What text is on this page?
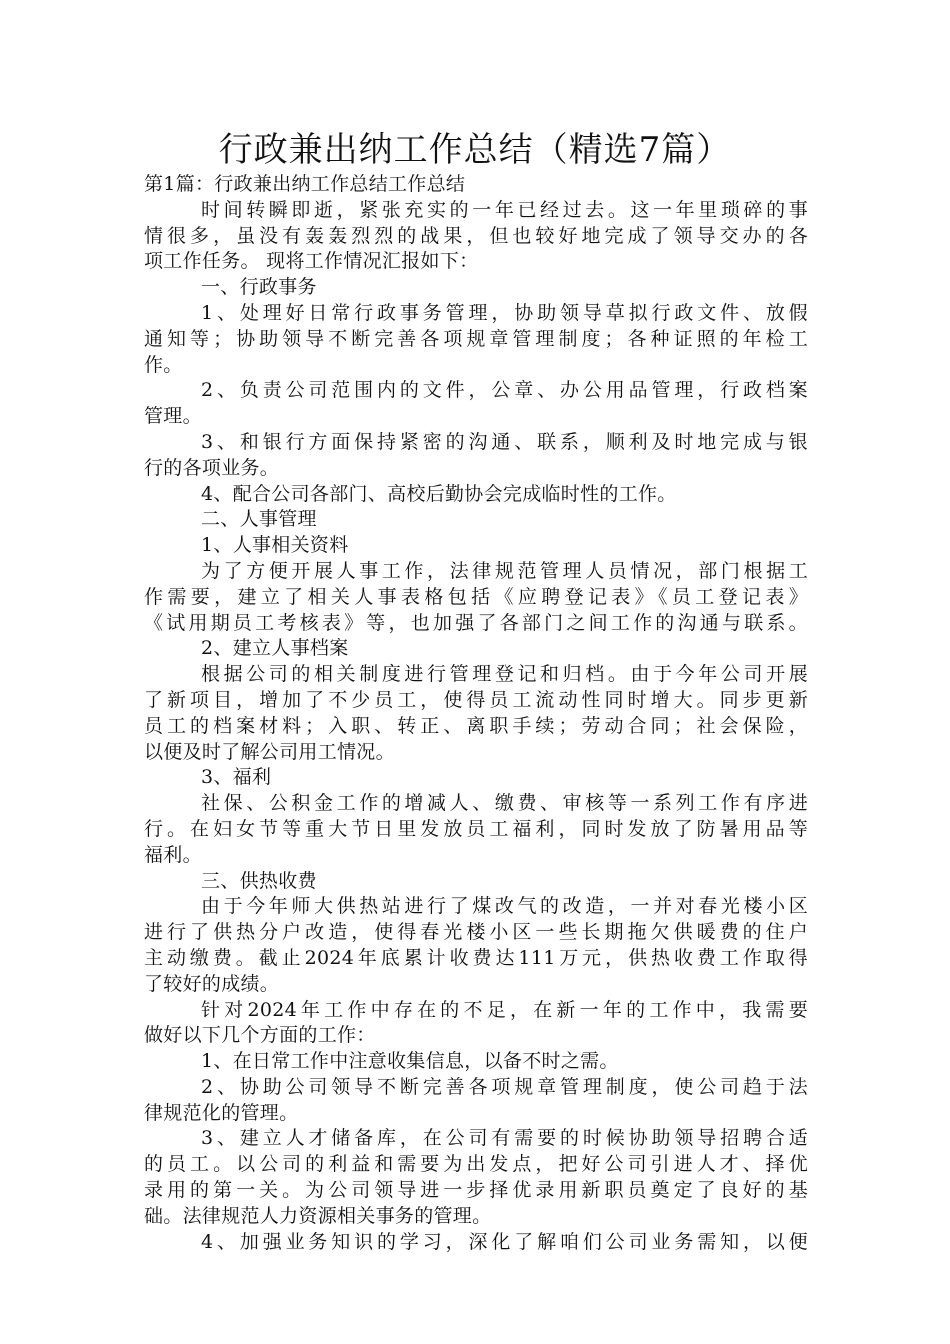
行政兼出纳工作总结（精选7篇）
第1篇：行政兼出纳工作总结工作总结
时间转瞬即逝，紧张充实的一年已经过去。这一年里琐碎的事
情很多，虽没有轰轰烈烈的战果，但也较好地完成了领导交办的各
项工作任务。 现将工作情况汇报如下：
一、行政事务
1、处理好日常行政事务管理，协助领导草拟行政文件、放假
通知等；协助领导不断完善各项规章管理制度；各种证照的年检工
作。
2、负责公司范围内的文件，公章、办公用品管理，行政档案
管理。
3、和银行方面保持紧密的沟通、联系，顺利及时地完成与银
行的各项业务。
4、配合公司各部门、高校后勤协会完成临时性的工作。
二、人事管理
1、人事相关资料
为了方便开展人事工作，法律规范管理人员情况，部门根据工
作需要，建立了相关人事表格包括《应聘登记表》《员工登记表》
《试用期员工考核表》等，也加强了各部门之间工作的沟通与联系。
2、建立人事档案
根据公司的相关制度进行管理登记和归档。由于今年公司开展
了新项目，增加了不少员工，使得员工流动性同时增大。同步更新
员工的档案材料；入职、转正、离职手续；劳动合同；社会保险，
以便及时了解公司用工情况。
3、福利
社保、公积金工作的增减人、缴费、审核等一系列工作有序进
行。在妇女节等重大节日里发放员工福利，同时发放了防暑用品等
福利。
三、供热收费
由于今年师大供热站进行了煤改气的改造，一并对春光楼小区
进行了供热分户改造，使得春光楼小区一些长期拖欠供暖费的住户
主动缴费。截止2024年底累计收费达111万元，供热收费工作取得
了较好的成绩。
针对2024年工作中存在的不足，在新一年的工作中，我需要
做好以下几个方面的工作：
1、在日常工作中注意收集信息，以备不时之需。
2、协助公司领导不断完善各项规章管理制度，使公司趋于法
律规范化的管理。
3、建立人才储备库，在公司有需要的时候协助领导招聘合适
的员工。以公司的利益和需要为出发点，把好公司引进人才、择优
录用的第一关。为公司领导进一步择优录用新职员奠定了良好的基
础。法律规范人力资源相关事务的管理。
4、加强业务知识的学习，深化了解咱们公司业务需知，以便
